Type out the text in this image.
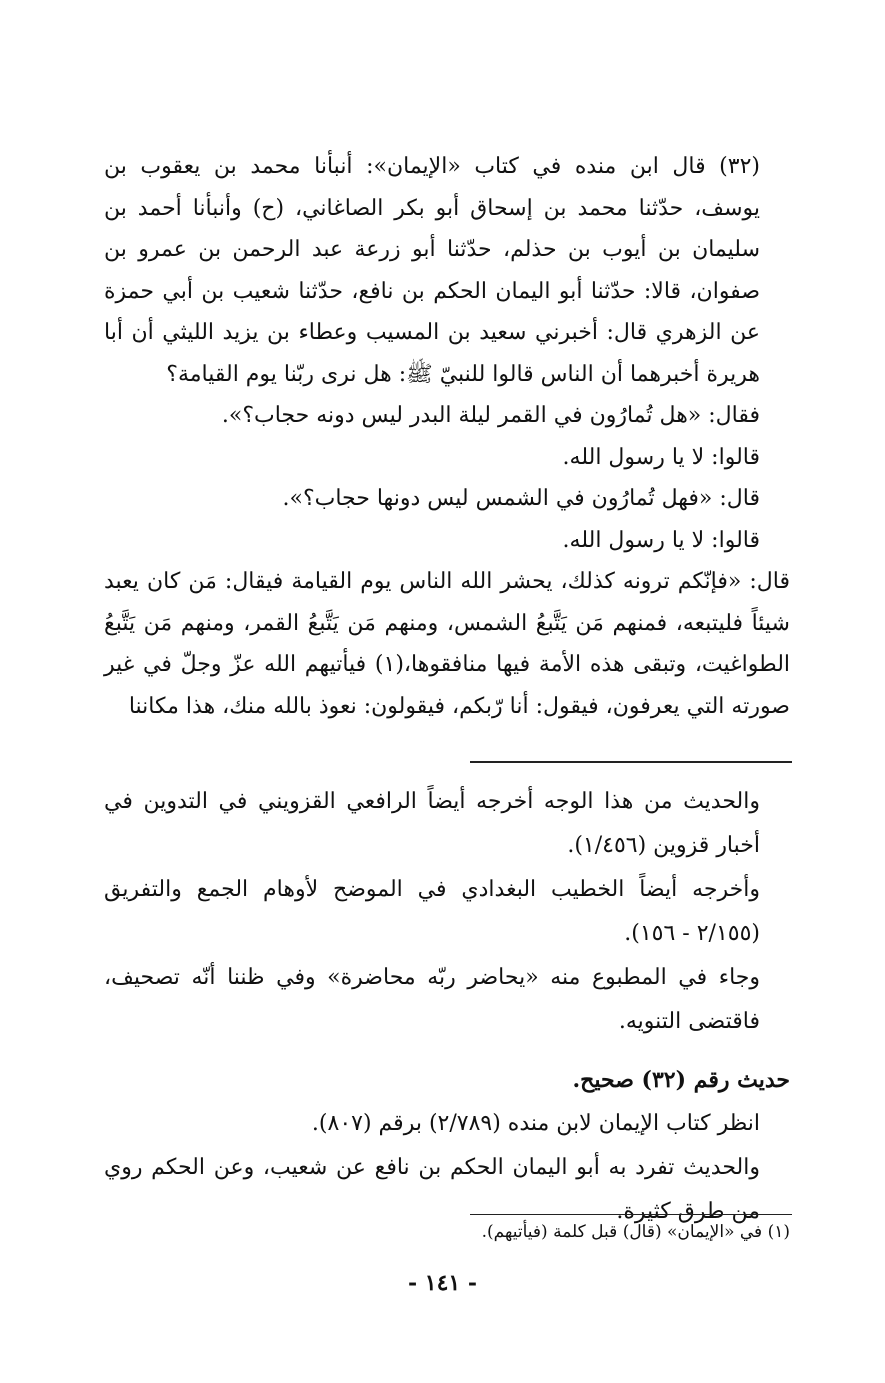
(٣٢) قال ابن منده في كتاب «الإيمان»: أنبأنا محمد بن يعقوب بن يوسف، حدّثنا محمد بن إسحاق أبو بكر الصاغاني، (ح) وأنبأنا أحمد بن سليمان بن أيوب بن حذلم، حدّثنا أبو زرعة عبد الرحمن بن عمرو بن صفوان، قالا: حدّثنا أبو اليمان الحكم بن نافع، حدّثنا شعيب بن أبي حمزة عن الزهري قال: أخبرني سعيد بن المسيب وعطاء بن يزيد الليثي أن أبا هريرة أخبرهما أن الناس قالوا للنبيّ ﷺ: هل نرى ربّنا يوم القيامة؟

فقال: «هل تُمارُون في القمر ليلة البدر ليس دونه حجاب؟».

قالوا: لا يا رسول الله.

قال: «فهل تُمارُون في الشمس ليس دونها حجاب؟».

قالوا: لا يا رسول الله.

قال: «فإنّكم ترونه كذلك، يحشر الله الناس يوم القيامة فيقال: مَن كان يعبد شيئاً فليتبعه، فمنهم مَن يَتَّبعُ الشمس، ومنهم مَن يَتَّبعُ القمر، ومنهم مَن يَتَّبعُ الطواغيت، وتبقى هذه الأمة فيها منافقوها،(١) فيأتيهم الله عزّ وجلّ في غير صورته التي يعرفون، فيقول: أنا رّبكم، فيقولون: نعوذ بالله منك، هذا مكاننا

والحديث من هذا الوجه أخرجه أيضاً الرافعي القزويني في التدوين في أخبار قزوين (١/٤٥٦).

وأخرجه أيضاً الخطيب البغدادي في الموضح لأوهام الجمع والتفريق (٢/١٥٥ - ١٥٦).

وجاء في المطبوع منه «يحاضر ربّه محاضرة» وفي ظننا أنّه تصحيف، فاقتضى التنويه.

حديث رقم (٣٢) صحيح.

انظر كتاب الإيمان لابن منده (٢/٧٨٩) برقم (٨٠٧).

والحديث تفرد به أبو اليمان الحكم بن نافع عن شعيب، وعن الحكم روي من طرق كثيرة.

(١) في «الإيمان» (قال) قبل كلمة (فيأتيهم).
- ١٤١ -
